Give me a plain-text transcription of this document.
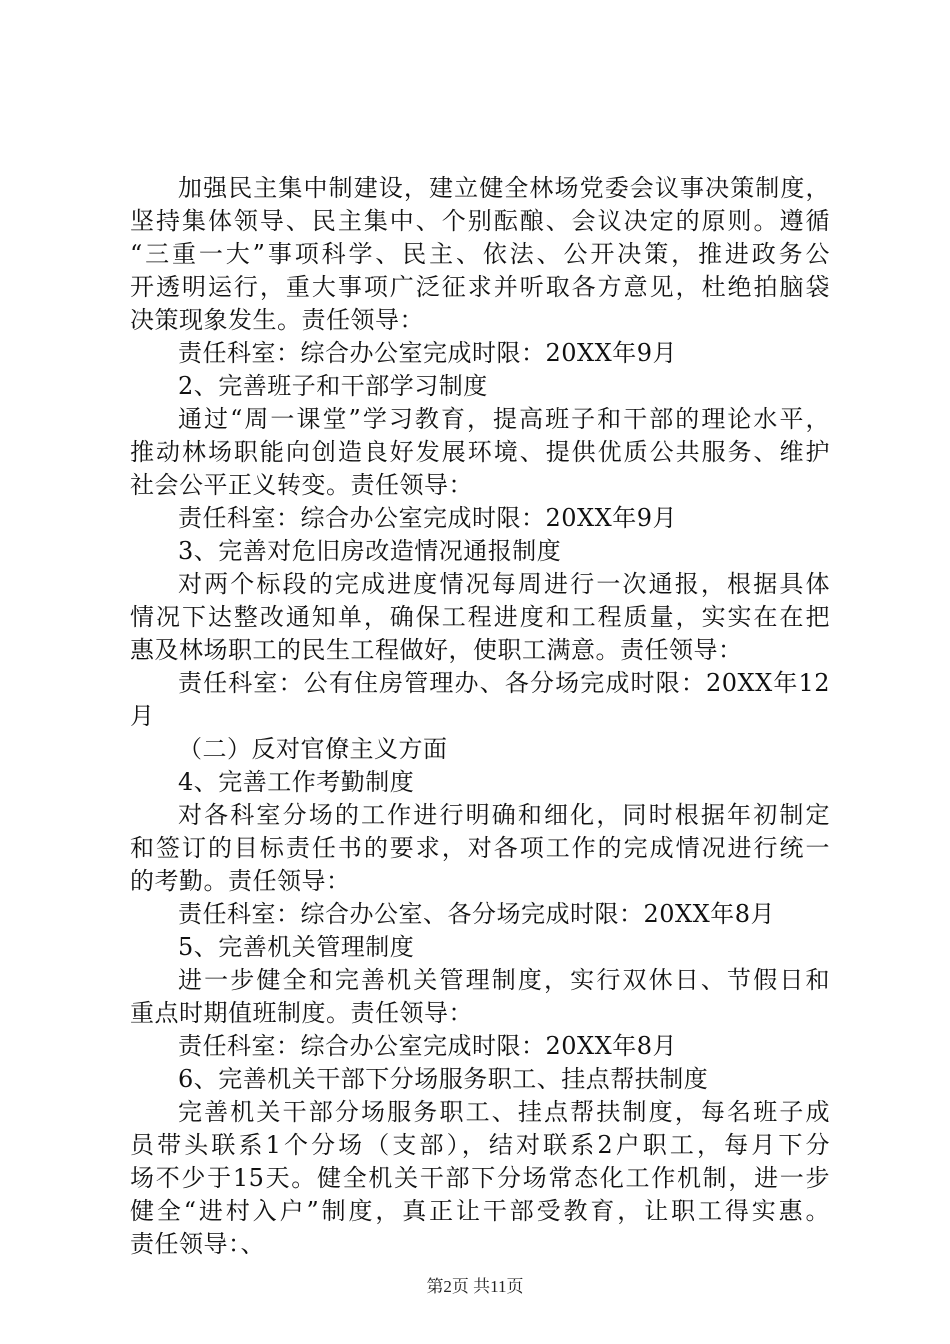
加强民主集中制建设，建立健全林场党委会议事决策制度，
坚持集体领导、民主集中、个别酝酿、会议决定的原则。遵循
“三重一大”事项科学、民主、依法、公开决策，推进政务公
开透明运行，重大事项广泛征求并听取各方意见，杜绝拍脑袋
决策现象发生。责任领导：
责任科室：综合办公室完成时限：20XX年9月
2、完善班子和干部学习制度
通过“周一课堂”学习教育，提高班子和干部的理论水平，
推动林场职能向创造良好发展环境、提供优质公共服务、维护
社会公平正义转变。责任领导：
责任科室：综合办公室完成时限：20XX年9月
3、完善对危旧房改造情况通报制度
对两个标段的完成进度情况每周进行一次通报，根据具体
情况下达整改通知单，确保工程进度和工程质量，实实在在把
惠及林场职工的民生工程做好，使职工满意。责任领导：
责任科室：公有住房管理办、各分场完成时限：20XX年12
月
（二）反对官僚主义方面
4、完善工作考勤制度
对各科室分场的工作进行明确和细化，同时根据年初制定
和签订的目标责任书的要求，对各项工作的完成情况进行统一
的考勤。责任领导：
责任科室：综合办公室、各分场完成时限：20XX年8月
5、完善机关管理制度
进一步健全和完善机关管理制度，实行双休日、节假日和
重点时期值班制度。责任领导：
责任科室：综合办公室完成时限：20XX年8月
6、完善机关干部下分场服务职工、挂点帮扶制度
完善机关干部分场服务职工、挂点帮扶制度，每名班子成
员带头联系1个分场（支部），结对联系2户职工，每月下分
场不少于15天。健全机关干部下分场常态化工作机制，进一步
健全“进村入户”制度，真正让干部受教育，让职工得实惠。
责任领导：、
第2页 共11页
